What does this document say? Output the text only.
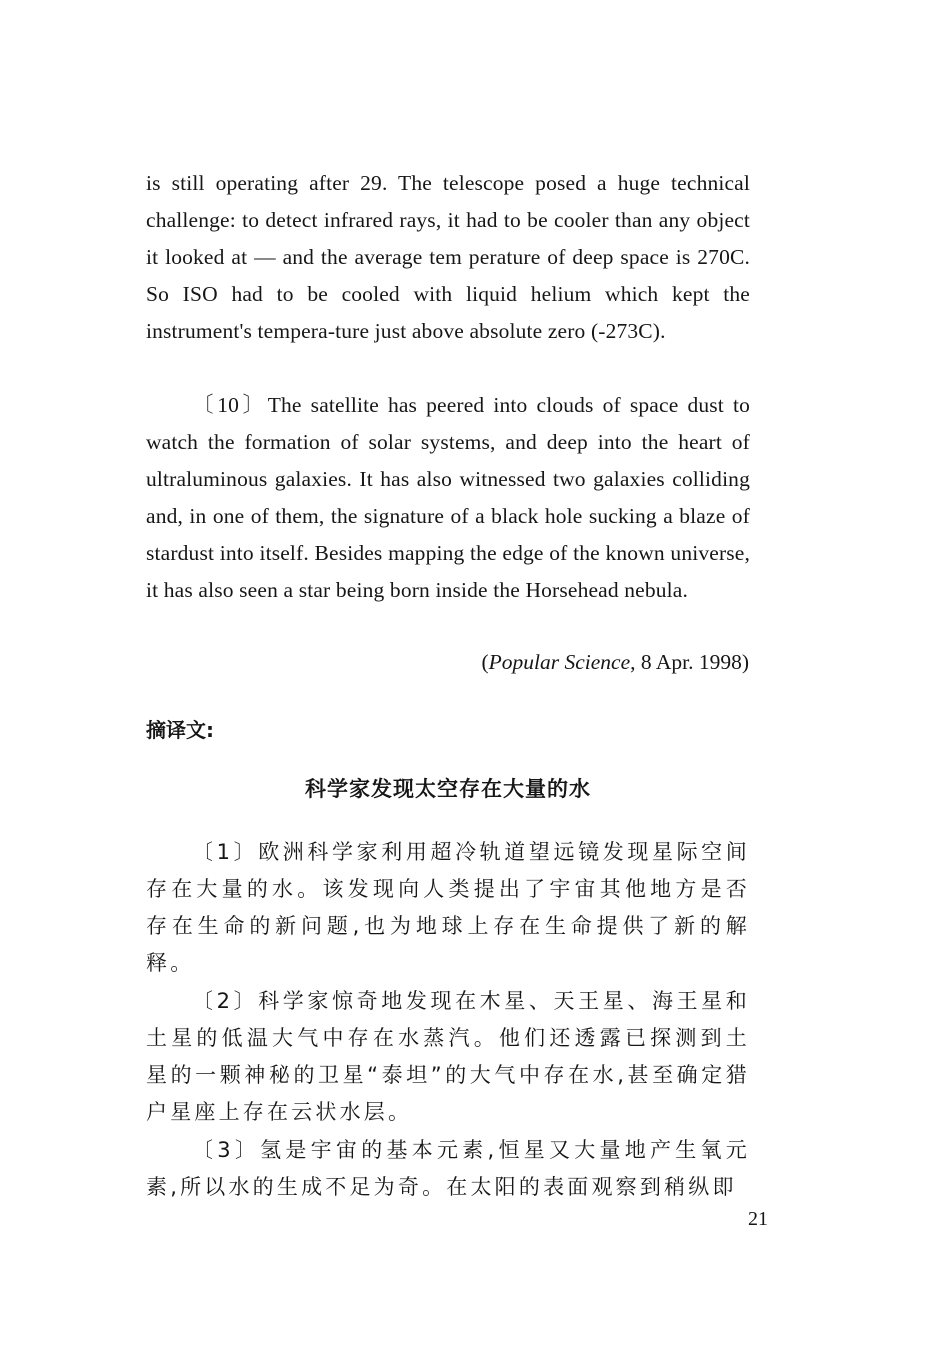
is still operating after 29. The telescope posed a huge technical challenge: to detect infrared rays, it had to be cooler than any object it looked at — and the average tem perature of deep space is 270C. So ISO had to be cooled with liquid helium which kept the instrument's tempera-ture just above absolute zero (-273C).

〔10〕The satellite has peered into clouds of space dust to watch the formation of solar systems, and deep into the heart of ultraluminous galaxies. It has also witnessed two galaxies colliding and, in one of them, the signature of a black hole sucking a blaze of stardust into itself. Besides mapping the edge of the known universe, it has also seen a star being born inside the Horsehead nebula.

(Popular Science, 8 Apr. 1998)
摘译文:
科学家发现太空存在大量的水

〔1〕欧洲科学家利用超冷轨道望远镜发现星际空间存在大量的水。该发现向人类提出了宇宙其他地方是否存在生命的新问题,也为地球上存在生命提供了新的解释。

〔2〕科学家惊奇地发现在木星、天王星、海王星和土星的低温大气中存在水蒸汽。他们还透露已探测到土星的一颗神秘的卫星“泰坦”的大气中存在水,甚至确定猎户星座上存在云状水层。

〔3〕氢是宇宙的基本元素,恒星又大量地产生氧元素,所以水的生成不足为奇。在太阳的表面观察到稍纵即

21
